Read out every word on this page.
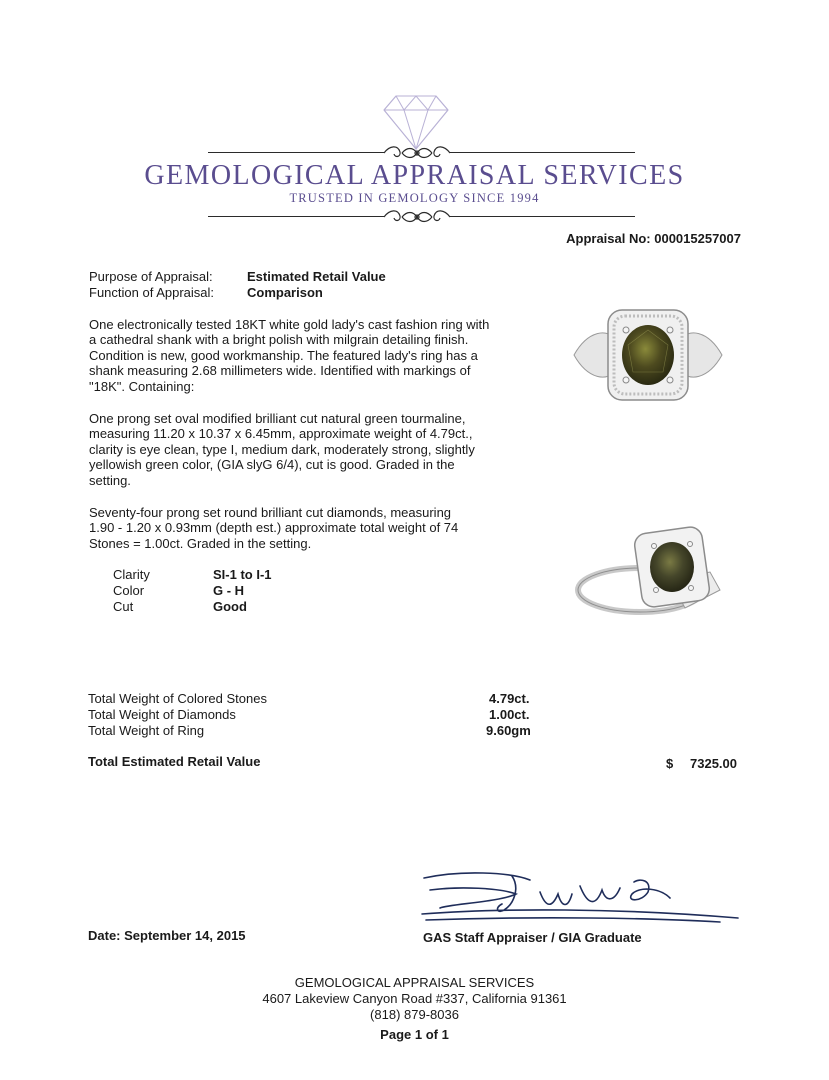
GEMOLOGICAL APPRAISAL SERVICES
TRUSTED IN GEMOLOGY SINCE 1994
Appraisal No: 000015257007
Purpose of Appraisal:	Estimated Retail Value
Function of Appraisal:	Comparison
One electronically tested 18KT white gold lady's cast fashion ring with a cathedral shank with a bright polish with milgrain detailing finish. Condition is new, good workmanship. The featured lady's ring has a shank measuring 2.68 millimeters wide. Identified with markings of "18K". Containing:
One prong set oval modified brilliant cut natural green tourmaline, measuring 11.20 x 10.37 x 6.45mm, approximate weight of 4.79ct., clarity is eye clean, type I, medium dark, moderately strong, slightly yellowish green color, (GIA slyG 6/4), cut is good. Graded in the setting.
Seventy-four prong set round brilliant cut diamonds, measuring 1.90 - 1.20 x 0.93mm (depth est.) approximate total weight of 74 Stones = 1.00ct. Graded in the setting.
Clarity	SI-1 to I-1
Color	G - H
Cut	Good
Total Weight of Colored Stones	4.79ct.
Total Weight of Diamonds	1.00ct.
Total Weight of Ring	9.60gm
Total Estimated Retail Value	$ 7325.00
Date: September 14, 2015	GAS Staff Appraiser / GIA Graduate
GEMOLOGICAL APPRAISAL SERVICES
4607 Lakeview Canyon Road #337, California 91361
(818) 879-8036
Page 1 of 1
